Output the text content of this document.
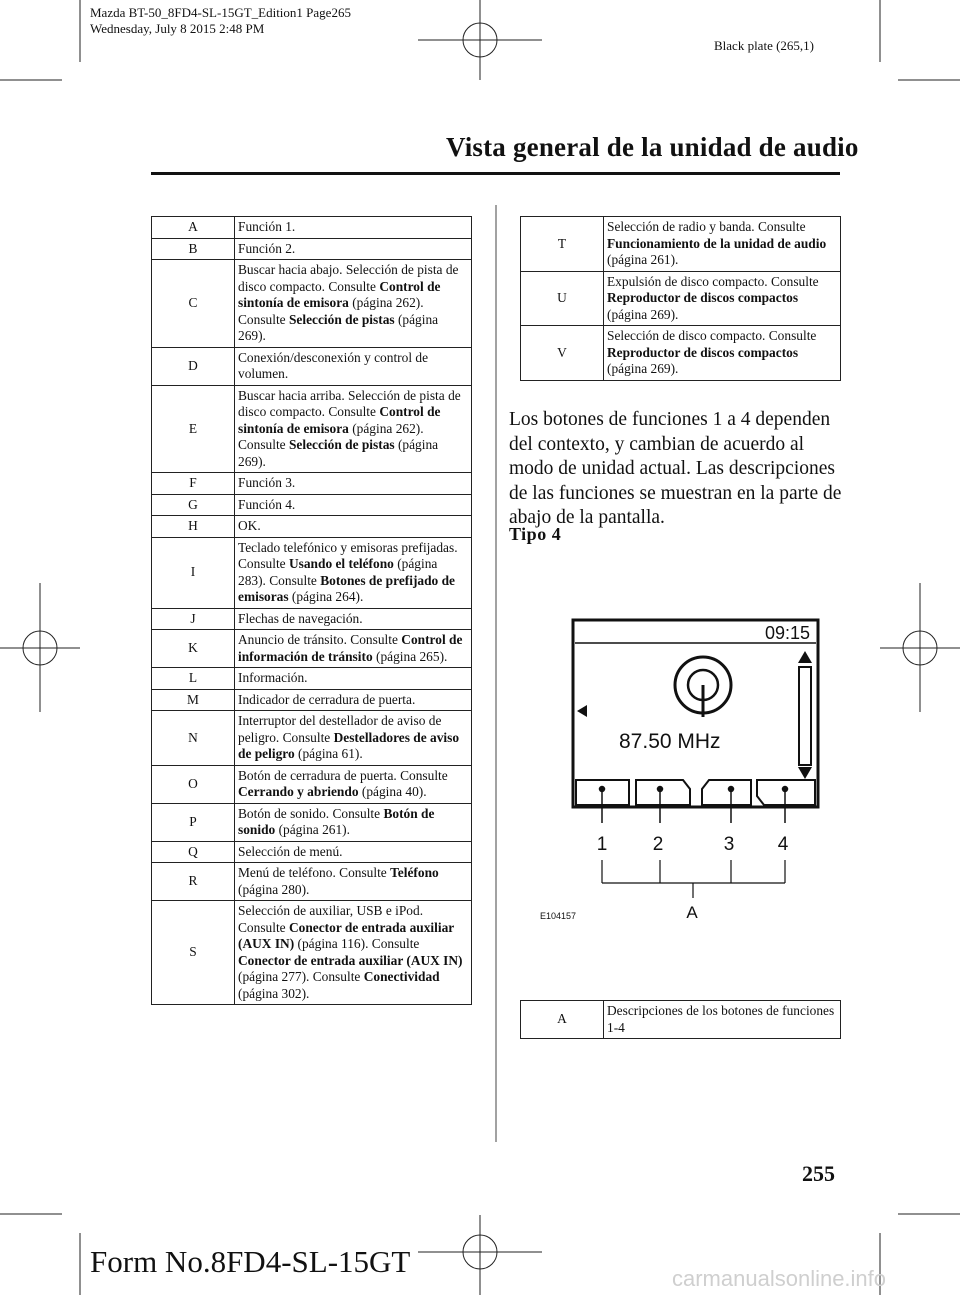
Mazda BT-50_8FD4-SL-15GT_Edition1 Page265
Wednesday, July 8 2015 2:48 PM
Black plate (265,1)
Vista general de la unidad de audio
A	Función 1.
B	Función 2.
C	Buscar hacia abajo. Selección de pista de disco compacto. Consulte Control de sintonía de emisora (página 262). Consulte Selección de pistas (página 269).
D	Conexión/desconexión y control de volumen.
E	Buscar hacia arriba. Selección de pista de disco compacto. Consulte Control de sintonía de emisora (página 262). Consulte Selección de pistas (página 269).
F	Función 3.
G	Función 4.
H	OK.
I	Teclado telefónico y emisoras prefijadas. Consulte Usando el teléfono (página 283). Consulte Botones de prefijado de emisoras (página 264).
J	Flechas de navegación.
K	Anuncio de tránsito. Consulte Control de información de tránsito (página 265).
L	Información.
M	Indicador de cerradura de puerta.
N	Interruptor del destellador de aviso de peligro. Consulte Destelladores de aviso de peligro (página 61).
O	Botón de cerradura de puerta. Consulte Cerrando y abriendo (página 40).
P	Botón de sonido. Consulte Botón de sonido (página 261).
Q	Selección de menú.
R	Menú de teléfono. Consulte Teléfono (página 280).
S	Selección de auxiliar, USB e iPod. Consulte Conector de entrada auxiliar (AUX IN) (página 116). Consulte Conector de entrada auxiliar (AUX IN) (página 277). Consulte Conectividad (página 302).
T	Selección de radio y banda. Consulte Funcionamiento de la unidad de audio (página 261).
U	Expulsión de disco compacto. Consulte Reproductor de discos compactos (página 269).
V	Selección de disco compacto. Consulte Reproductor de discos compactos (página 269).
Los botones de funciones 1 a 4 dependen del contexto, y cambian de acuerdo al modo de unidad actual. Las descripciones de las funciones se muestran en la parte de abajo de la pantalla.
Tipo 4
09:15
87.50 MHz
1 2	3 4
A
E104157
A	Descripciones de los botones de funciones 1-4
255
Form No.8FD4-SL-15GT	carmanualsonline.info
